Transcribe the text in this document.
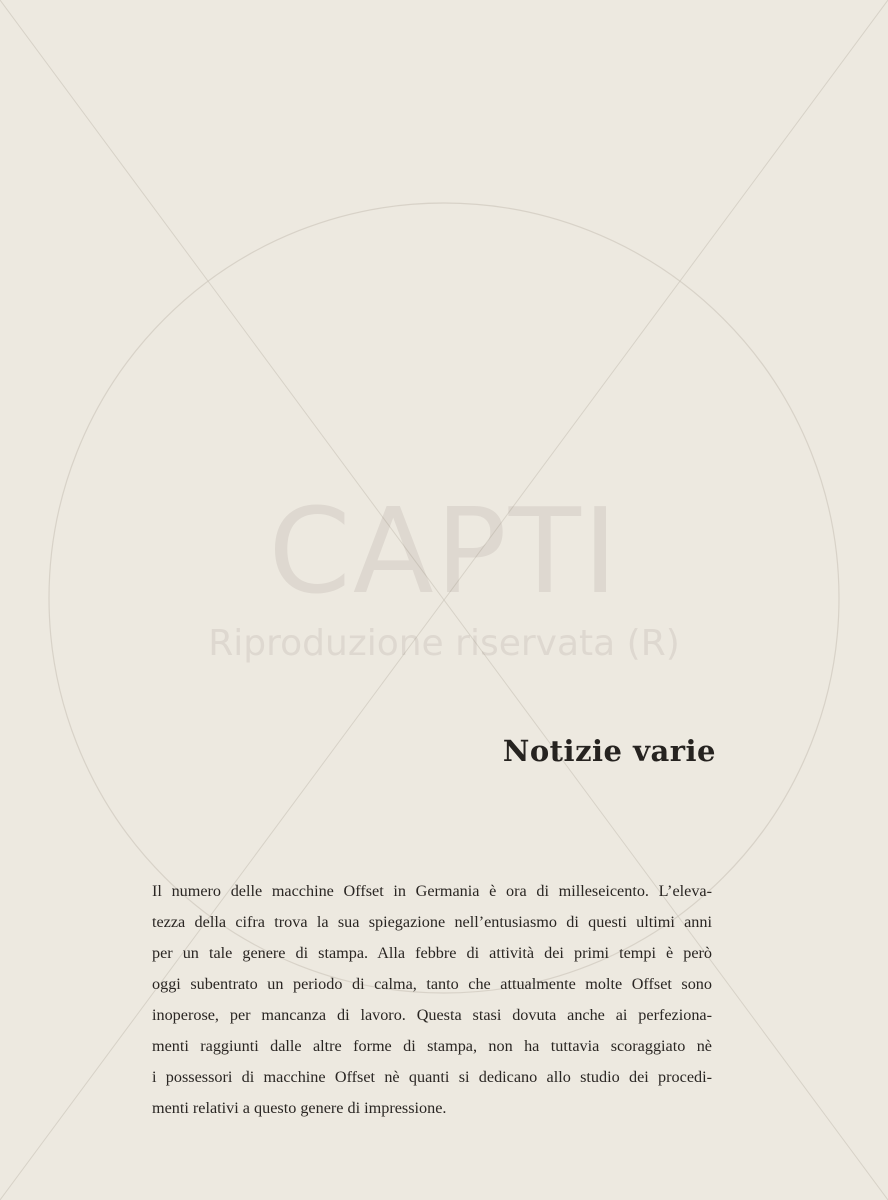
CAPTI
Riproduzione riservata (R)
Notizie varie
Il numero delle macchine Offset in Germania è ora di milleseicento. L’eleva-
tezza della cifra trova la sua spiegazione nell’entusiasmo di questi ultimi anni
per un tale genere di stampa. Alla febbre di attività dei primi tempi è però
oggi subentrato un periodo di calma, tanto che attualmente molte Offset sono
inoperose, per mancanza di lavoro. Questa stasi dovuta anche ai perfeziona-
menti raggiunti dalle altre forme di stampa, non ha tuttavia scoraggiato nè
i possessori di macchine Offset nè quanti si dedicano allo studio dei procedi-
menti relativi a questo genere di impressione.
